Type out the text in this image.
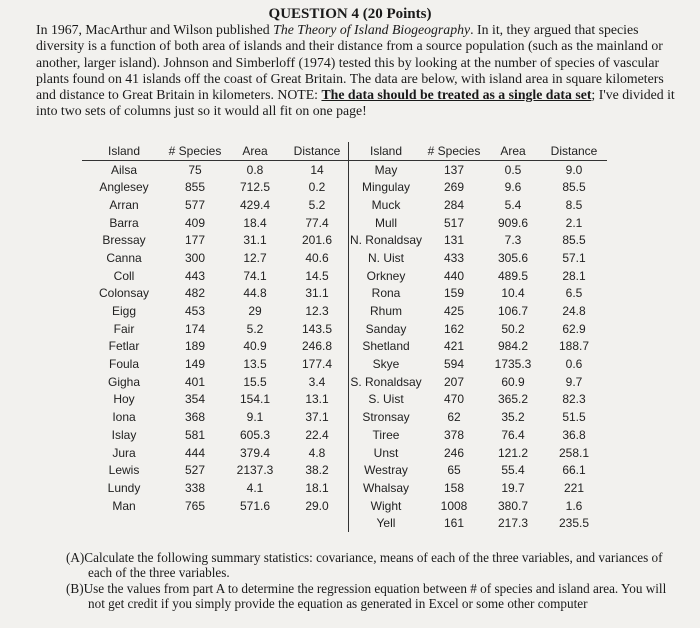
QUESTION 4 (20 Points)
In 1967, MacArthur and Wilson published The Theory of Island Biogeography. In it, they argued that species diversity is a function of both area of islands and their distance from a source population (such as the mainland or another, larger island). Johnson and Simberloff (1974) tested this by looking at the number of species of vascular plants found on 41 islands off the coast of Great Britain. The data are below, with island area in square kilometers and distance to Great Britain in kilometers. NOTE: The data should be treated as a single data set; I've divided it into two sets of columns just so it would all fit on one page!
Island	# Species	Area	Distance	Island	# Species	Area	Distance
Ailsa	75	0.8	14	May	137	0.5	9.0
Anglesey	855	712.5	0.2	Mingulay	269	9.6	85.5
Arran	577	429.4	5.2	Muck	284	5.4	8.5
Barra	409	18.4	77.4	Mull	517	909.6	2.1
Bressay	177	31.1	201.6	N. Ronaldsay	131	7.3	85.5
Canna	300	12.7	40.6	N. Uist	433	305.6	57.1
Coll	443	74.1	14.5	Orkney	440	489.5	28.1
Colonsay	482	44.8	31.1	Rona	159	10.4	6.5
Eigg	453	29	12.3	Rhum	425	106.7	24.8
Fair	174	5.2	143.5	Sanday	162	50.2	62.9
Fetlar	189	40.9	246.8	Shetland	421	984.2	188.7
Foula	149	13.5	177.4	Skye	594	1735.3	0.6
Gigha	401	15.5	3.4	S. Ronaldsay	207	60.9	9.7
Hoy	354	154.1	13.1	S. Uist	470	365.2	82.3
Iona	368	9.1	37.1	Stronsay	62	35.2	51.5
Islay	581	605.3	22.4	Tiree	378	76.4	36.8
Jura	444	379.4	4.8	Unst	246	121.2	258.1
Lewis	527	2137.3	38.2	Westray	65	55.4	66.1
Lundy	338	4.1	18.1	Whalsay	158	19.7	221
Man	765	571.6	29.0	Wight	1008	380.7	1.6
				Yell	161	217.3	235.5
(A)Calculate the following summary statistics: covariance, means of each of the three variables, and variances of each of the three variables.
(B)Use the values from part A to determine the regression equation between # of species and island area. You will not get credit if you simply provide the equation as generated in Excel or some other computer
